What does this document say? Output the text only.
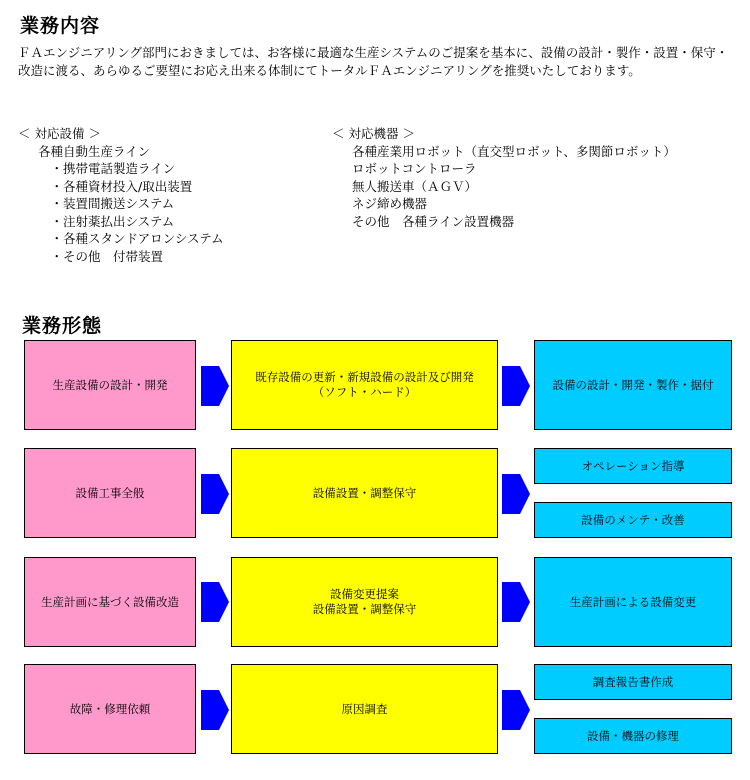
業務内容

ＦＡエンジニアリング部門におきましては、お客様に最適な生産システムのご提案を基本に、設備の設計・製作・設置・保守・改造に渡る、あらゆるご要望にお応え出来る体制にてトータルＦＡエンジニアリングを推奨いたしております。

＜ 対応設備 ＞
各種自動生産ライン
　・携帯電話製造ライン
　・各種資材投入/取出装置
　・装置間搬送システム
　・注射薬払出システム
　・各種スタンドアロンシステム
　・その他　付帯装置
＜ 対応機器 ＞
各種産業用ロボット（直交型ロボット、多関節ロボット）
ロボットコントローラ
無人搬送車（ＡＧＶ）
ネジ締め機器
その他　各種ライン設置機器
業務形態
生産設備の設計・開発
既存設備の更新・新規設備の設計及び開発
（ソフト・ハード）
設備の設計・開発・製作・据付
設備工事全般	設備設置・調整保守
オペレーション指導
設備のメンテ・改善
生産計画に基づく設備改造
設備変更提案
設備設置・調整保守
生産計画による設備変更
故障・修理依頼	原因調査
調査報告書作成
設備・機器の修理
